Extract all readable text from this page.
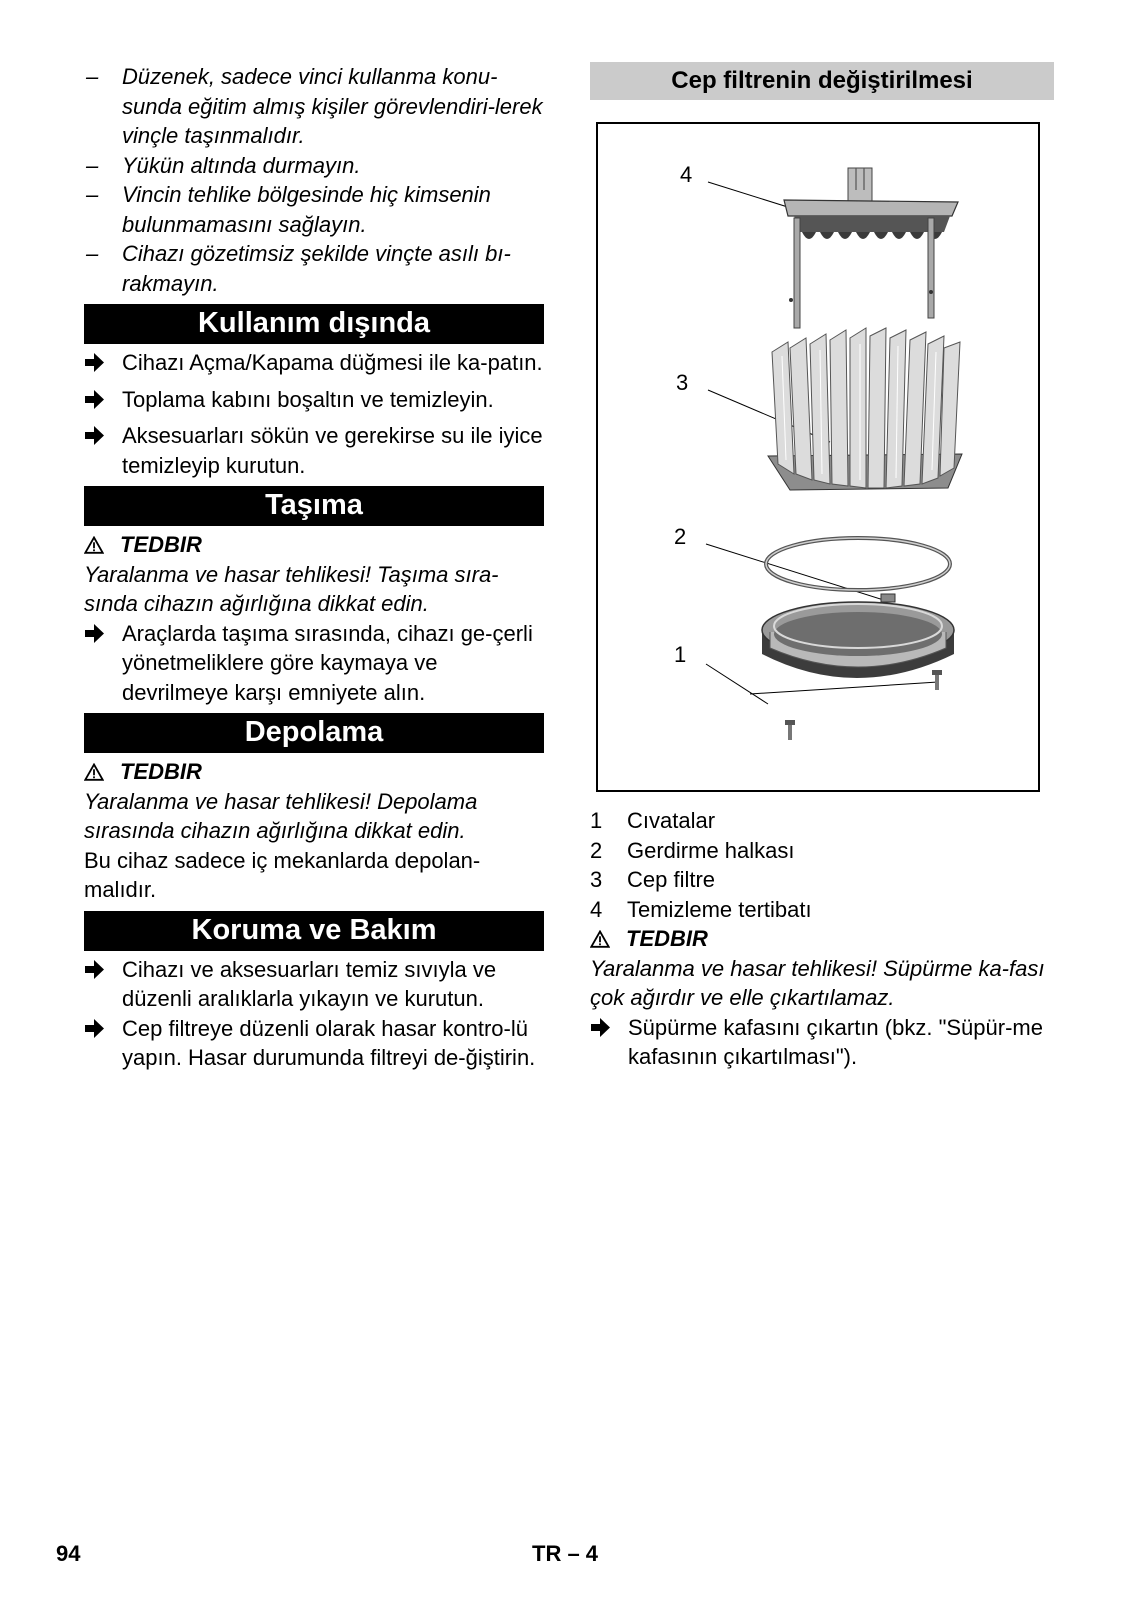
–	Düzenek, sadece vinci kullanma konu-sunda eğitim almış kişiler görevlendiri-lerek vinçle taşınmalıdır.
–	Yükün altında durmayın.
–	Vincin tehlike bölgesinde hiç kimsenin bulunmamasını sağlayın.
–	Cihazı gözetimsiz şekilde vinçte asılı bı-rakmayın.
Kullanım dışında
Cihazı Açma/Kapama düğmesi ile ka-patın.
Toplama kabını boşaltın ve temizleyin.
Aksesuarları sökün ve gerekirse su ile iyice temizleyip kurutun.
Taşıma
TEDBIR

Yaralanma ve hasar tehlikesi! Taşıma sıra-sında cihazın ağırlığına dikkat edin.

Araçlarda taşıma sırasında, cihazı ge-çerli yönetmeliklere göre kaymaya ve devrilmeye karşı emniyete alın.
Depolama
TEDBIR

Yaralanma ve hasar tehlikesi! Depolama sırasında cihazın ağırlığına dikkat edin.

Bu cihaz sadece iç mekanlarda depolan-malıdır.

Koruma ve Bakım
Cihazı ve aksesuarları temiz sıvıyla ve düzenli aralıklarla yıkayın ve kurutun.
Cep filtreye düzenli olarak hasar kontro-lü yapın. Hasar durumunda filtreyi de-ğiştirin.
Cep filtrenin değiştirilmesi
4
3
2
1
1	Cıvatalar
2	Gerdirme halkası
3	Cep filtre
4	Temizleme tertibatı
TEDBIR

Yaralanma ve hasar tehlikesi! Süpürme ka-fası çok ağırdır ve elle çıkartılamaz.

Süpürme kafasını çıkartın (bkz. "Süpür-me kafasının çıkartılması").
94	TR – 4
